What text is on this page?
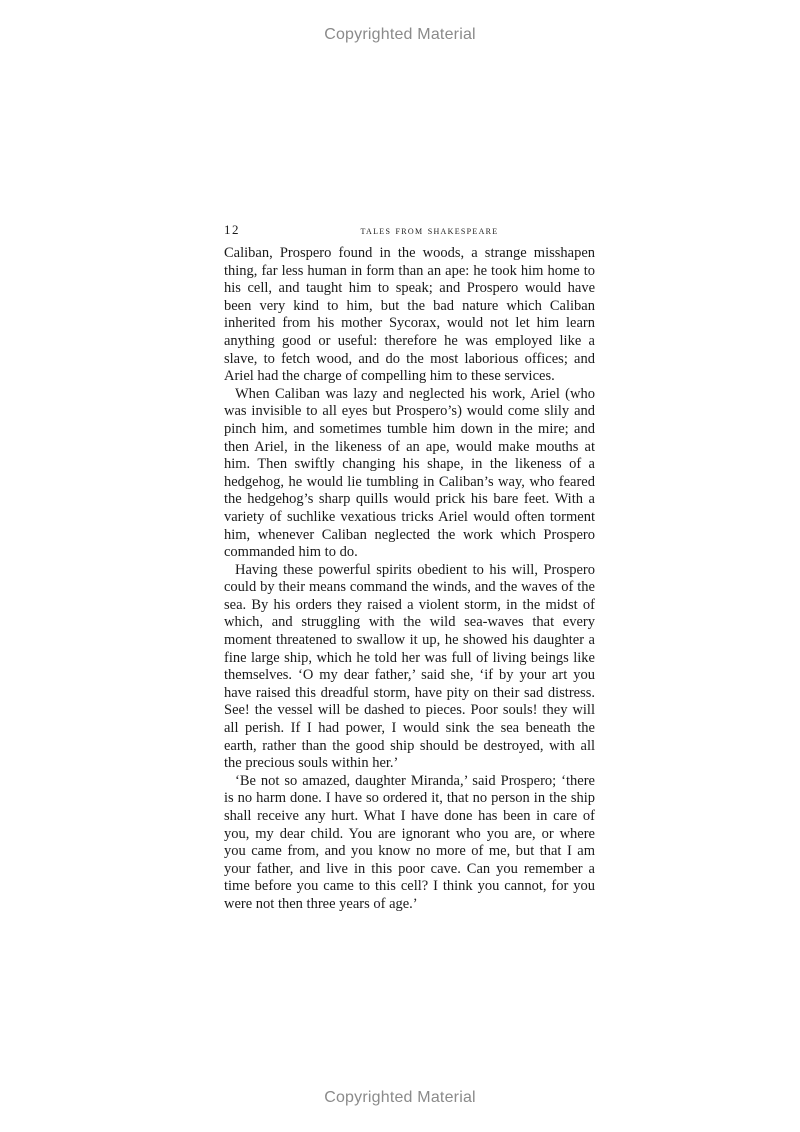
Copyrighted Material
12	tales from shakespeare

Caliban, Prospero found in the woods, a strange misshapen thing, far less human in form than an ape: he took him home to his cell, and taught him to speak; and Prospero would have been very kind to him, but the bad nature which Caliban inherited from his mother Sycorax, would not let him learn anything good or useful: therefore he was employed like a slave, to fetch wood, and do the most laborious offices; and Ariel had the charge of compelling him to these services.

When Caliban was lazy and neglected his work, Ariel (who was invisible to all eyes but Prospero’s) would come slily and pinch him, and sometimes tumble him down in the mire; and then Ariel, in the likeness of an ape, would make mouths at him. Then swiftly changing his shape, in the likeness of a hedgehog, he would lie tumbling in Caliban’s way, who feared the hedgehog’s sharp quills would prick his bare feet. With a variety of suchlike vexatious tricks Ariel would often torment him, whenever Caliban neglected the work which Prospero commanded him to do.

Having these powerful spirits obedient to his will, Prospero could by their means command the winds, and the waves of the sea. By his orders they raised a violent storm, in the midst of which, and struggling with the wild sea-waves that every moment threatened to swallow it up, he showed his daughter a fine large ship, which he told her was full of living beings like themselves. ‘O my dear father,’ said she, ‘if by your art you have raised this dreadful storm, have pity on their sad distress. See! the vessel will be dashed to pieces. Poor souls! they will all perish. If I had power, I would sink the sea beneath the earth, rather than the good ship should be destroyed, with all the precious souls within her.’

‘Be not so amazed, daughter Miranda,’ said Prospero; ‘there is no harm done. I have so ordered it, that no person in the ship shall receive any hurt. What I have done has been in care of you, my dear child. You are ignorant who you are, or where you came from, and you know no more of me, but that I am your father, and live in this poor cave. Can you remember a time before you came to this cell? I think you cannot, for you were not then three years of age.’

Copyrighted Material
